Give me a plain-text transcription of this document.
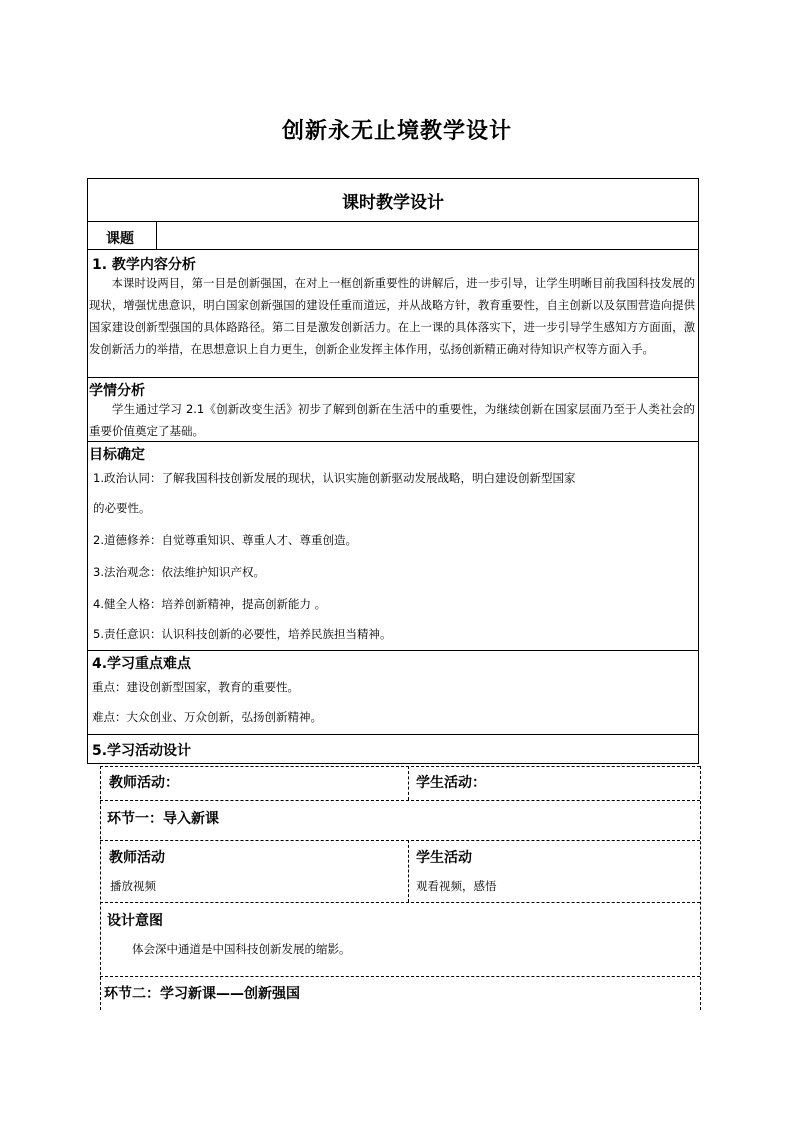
创新永无止境教学设计
课时教学设计
课题
1. 教学内容分析
本课时设两目，第一目是创新强国，在对上一框创新重要性的讲解后，进一步引导，让学生明晰目前我国科技发展的现状，增强忧患意识，明白国家创新强国的建设任重而道远，并从战略方针，教育重要性，自主创新以及氛围营造向提供国家建设创新型强国的具体路路径。第二目是激发创新活力。在上一课的具体落实下，进一步引导学生感知方方面面，激发创新活力的举措，在思想意识上自力更生，创新企业发挥主体作用，弘扬创新精正确对待知识产权等方面入手。
学情分析
学生通过学习 2.1《创新改变生活》初步了解到创新在生活中的重要性，为继续创新在国家层面乃至于人类社会的重要价值奠定了基础。
目标确定
1.政治认同：了解我国科技创新发展的现状，认识实施创新驱动发展战略，明白建设创新型国家
的必要性。
2.道德修养：自觉尊重知识、尊重人才、尊重创造。
3.法治观念：依法维护知识产权。
4.健全人格：培养创新精神，提高创新能力 。
5.责任意识：认识科技创新的必要性，培养民族担当精神。
4.学习重点难点
重点：建设创新型国家，教育的重要性。
难点：大众创业、万众创新，弘扬创新精神。
5.学习活动设计
教师活动：	学生活动：
环节一：导入新课
教师活动	学生活动
播放视频	观看视频，感悟
设计意图
体会深中通道是中国科技创新发展的缩影。
环节二：学习新课——创新强国
